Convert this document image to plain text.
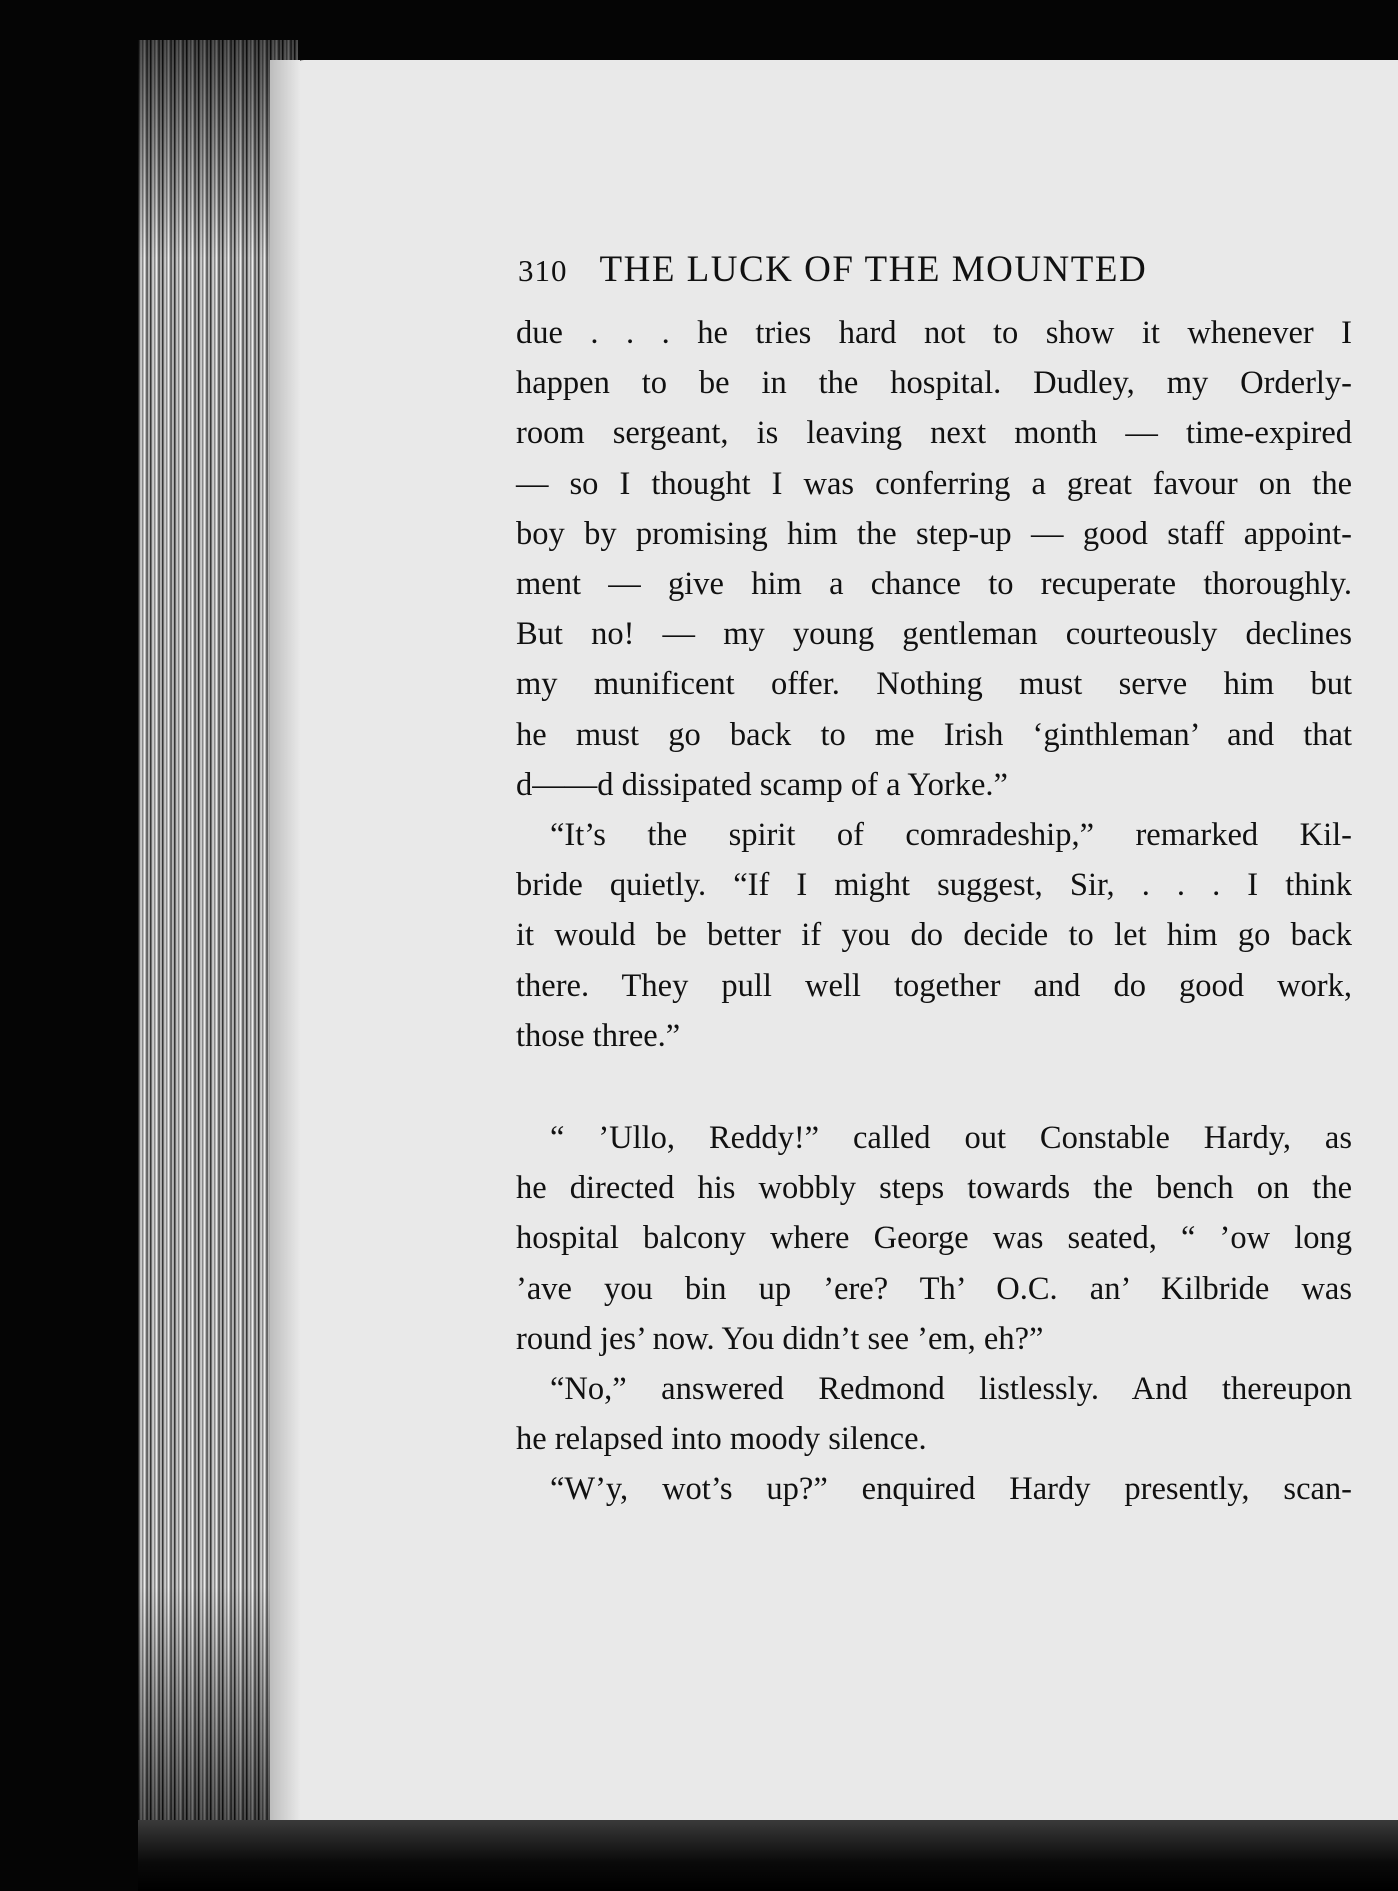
310 THE LUCK OF THE MOUNTED
due . . . he tries hard not to show it whenever I
happen to be in the hospital. Dudley, my Orderly-
room sergeant, is leaving next month — time-expired
— so I thought I was conferring a great favour on the
boy by promising him the step-up — good staff appoint-
ment — give him a chance to recuperate thoroughly.
But no! — my young gentleman courteously declines
my munificent offer. Nothing must serve him but
he must go back to me Irish ‘ginthleman’ and that
d——d dissipated scamp of a Yorke.”
“It’s the spirit of comradeship,” remarked Kil-
bride quietly. “If I might suggest, Sir, . . . I think
it would be better if you do decide to let him go back
there. They pull well together and do good work,
those three.”
“ ’Ullo, Reddy!” called out Constable Hardy, as
he directed his wobbly steps towards the bench on the
hospital balcony where George was seated, “ ’ow long
’ave you bin up ’ere? Th’ O.C. an’ Kilbride was
round jes’ now. You didn’t see ’em, eh?”
“No,” answered Redmond listlessly. And thereupon
he relapsed into moody silence.
“W’y, wot’s up?” enquired Hardy presently, scan-
